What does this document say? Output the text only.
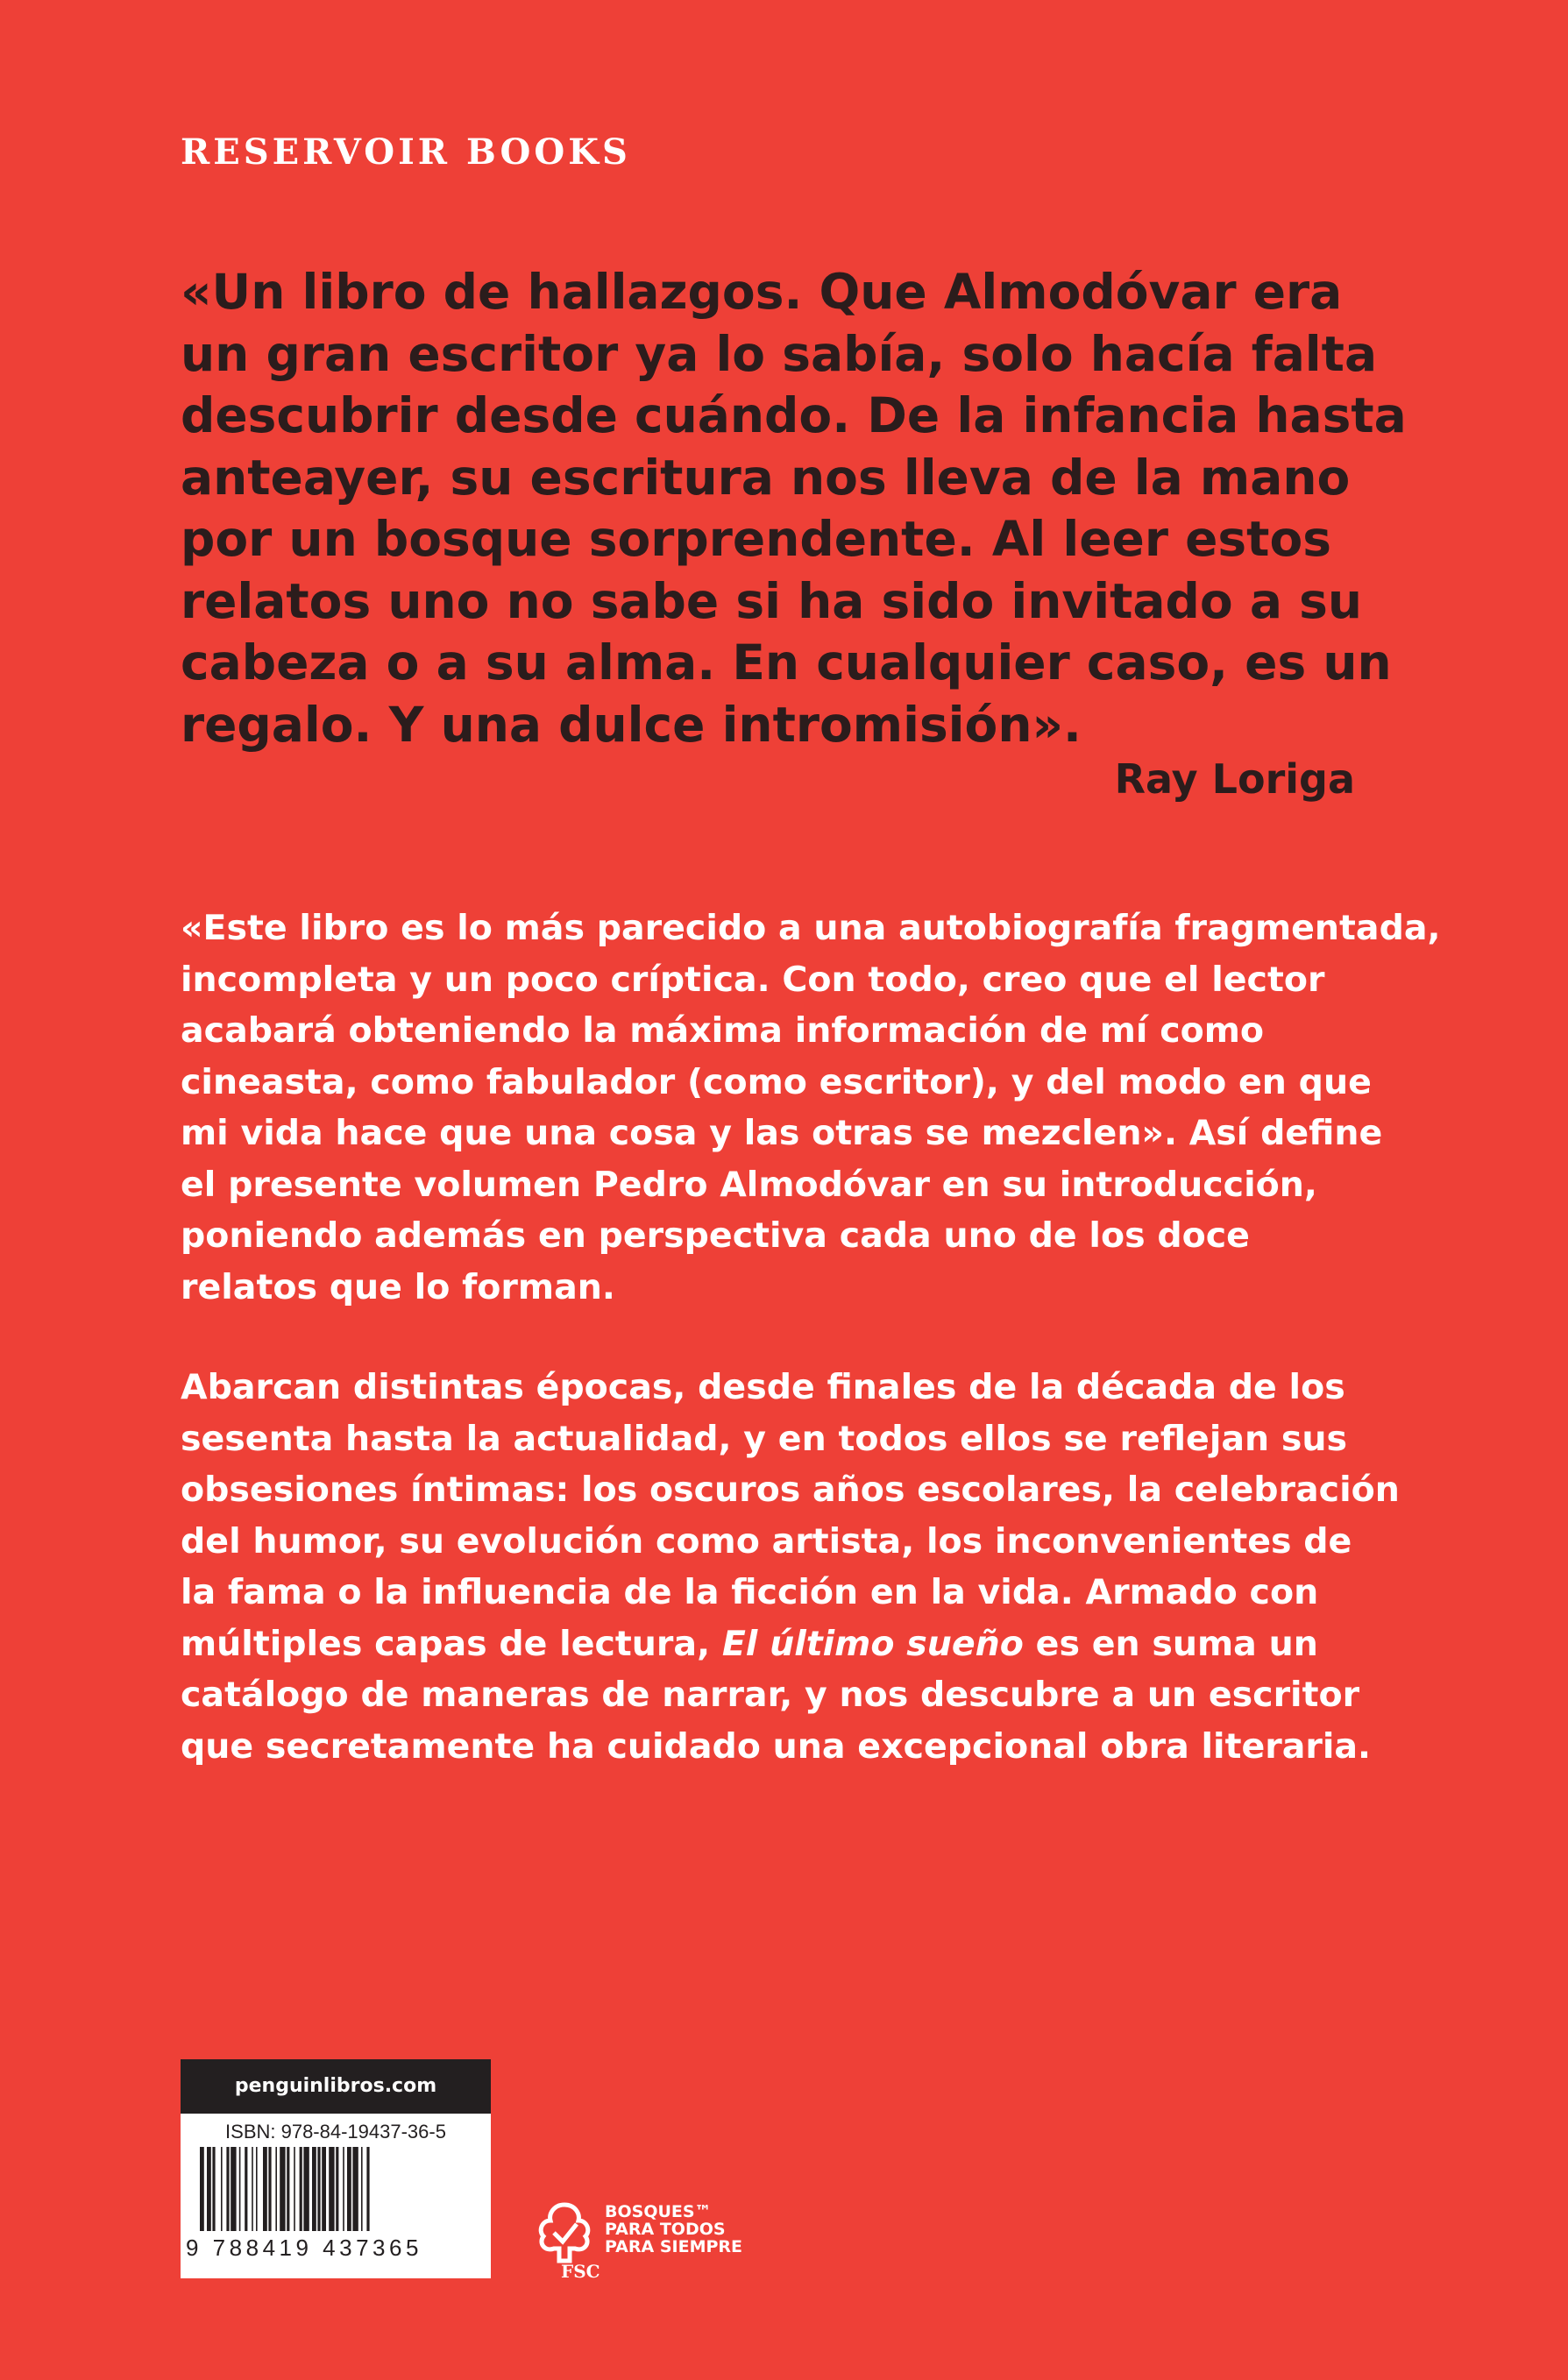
RESERVOIR BOOKS
«Un libro de hallazgos. Que Almodóvar era
un gran escritor ya lo sabía, solo hacía falta
descubrir desde cuándo. De la infancia hasta
anteayer, su escritura nos lleva de la mano
por un bosque sorprendente. Al leer estos
relatos uno no sabe si ha sido invitado a su
cabeza o a su alma. En cualquier caso, es un
regalo. Y una dulce intromisión».
Ray Loriga
«Este libro es lo más parecido a una autobiografía fragmentada,
incompleta y un poco críptica. Con todo, creo que el lector
acabará obteniendo la máxima información de mí como
cineasta, como fabulador (como escritor), y del modo en que
mi vida hace que una cosa y las otras se mezclen». Así define
el presente volumen Pedro Almodóvar en su introducción,
poniendo además en perspectiva cada uno de los doce
relatos que lo forman.
Abarcan distintas épocas, desde finales de la década de los
sesenta hasta la actualidad, y en todos ellos se reflejan sus
obsesiones íntimas: los oscuros años escolares, la celebración
del humor, su evolución como artista, los inconvenientes de
la fama o la influencia de la ficción en la vida. Armado con
múltiples capas de lectura, El último sueño es en suma un
catálogo de maneras de narrar, y nos descubre a un escritor
que secretamente ha cuidado una excepcional obra literaria.
penguinlibros.com
ISBN: 978-84-19437-36-5
9 788419 437365
FSC
BOSQUES™
PARA TODOS
PARA SIEMPRE
